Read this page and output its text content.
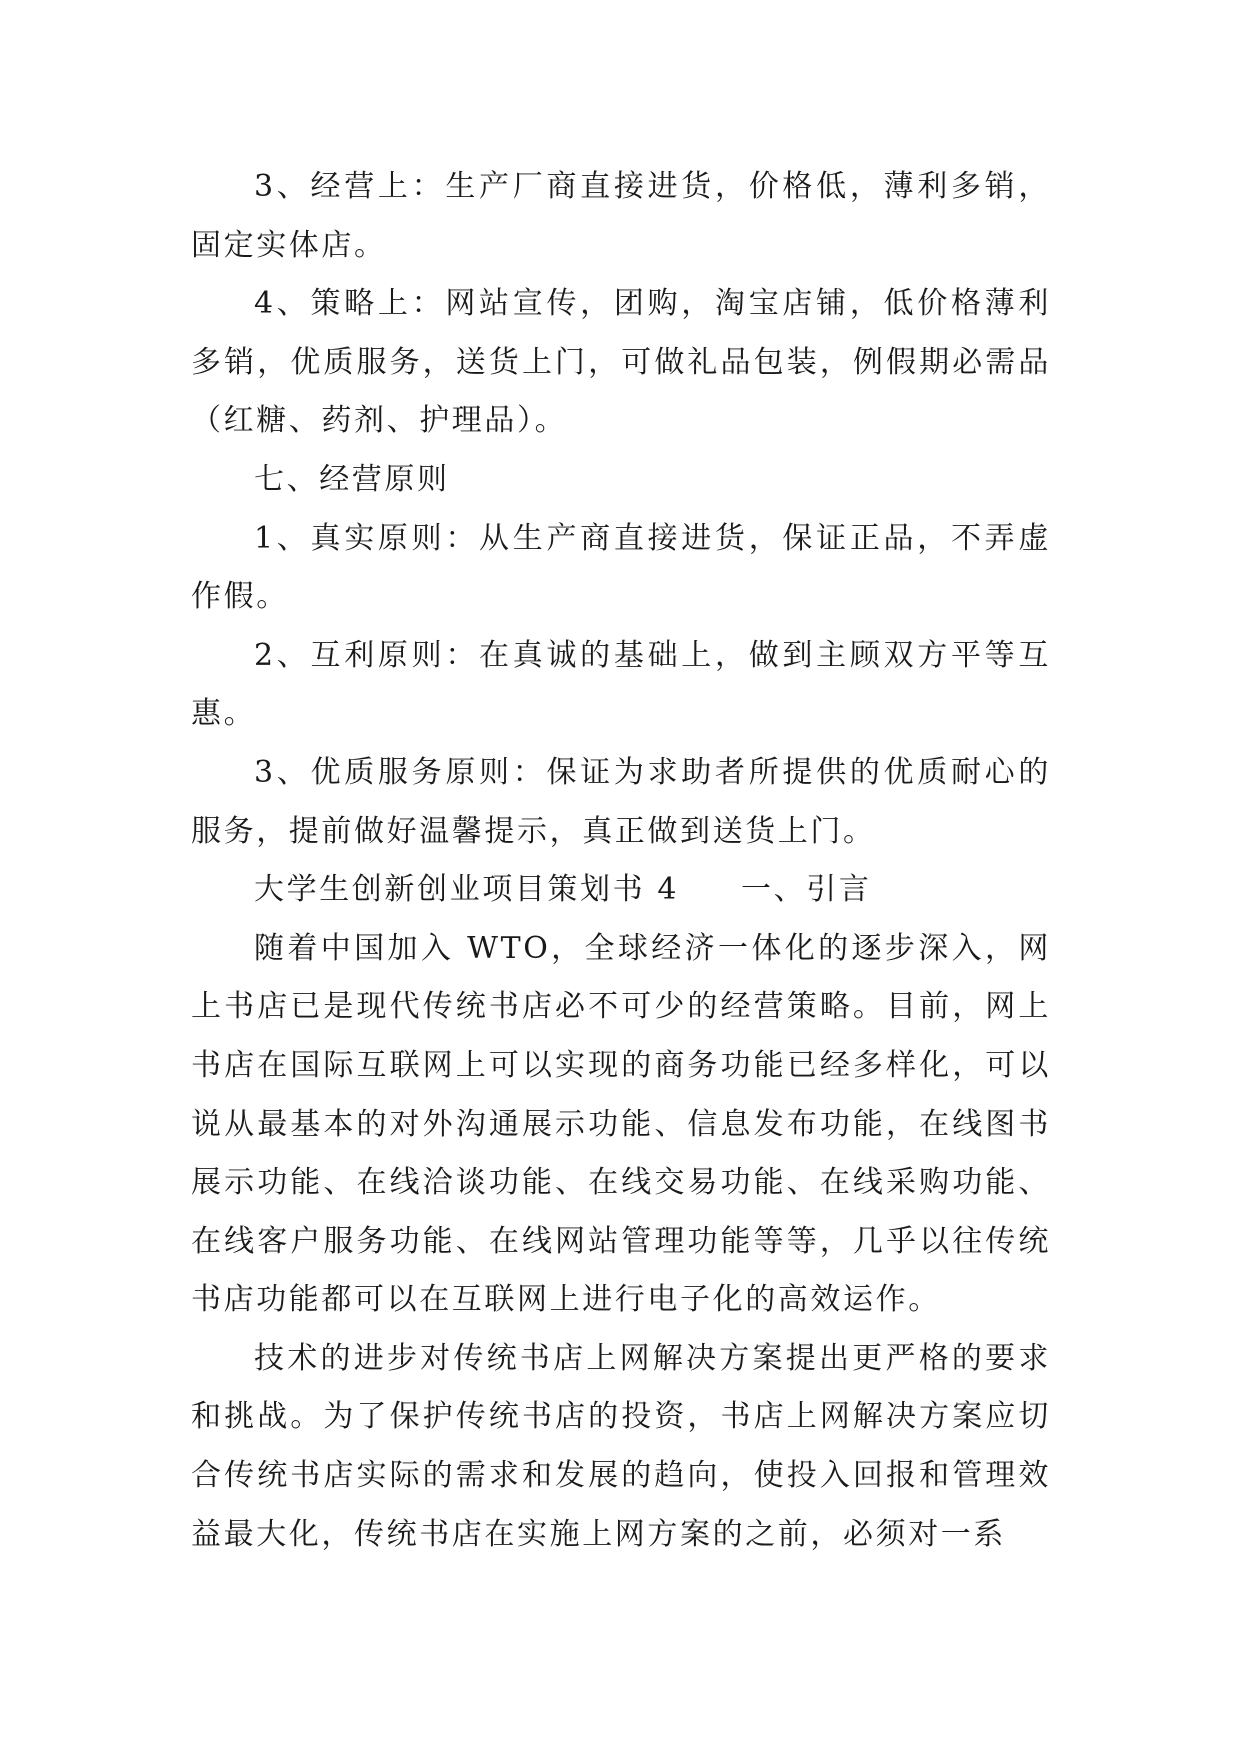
3、经营上：生产厂商直接进货，价格低，薄利多销，固定实体店。

4、策略上：网站宣传，团购，淘宝店铺，低价格薄利多销，优质服务，送货上门，可做礼品包装，例假期必需品（红糖、药剂、护理品）。

七、经营原则

1、真实原则：从生产商直接进货，保证正品，不弄虚作假。

2、互利原则：在真诚的基础上，做到主顾双方平等互惠。

3、优质服务原则：保证为求助者所提供的优质耐心的服务，提前做好温馨提示，真正做到送货上门。

大学生创新创业项目策划书 4 一、引言

随着中国加入 WTO，全球经济一体化的逐步深入，网上书店已是现代传统书店必不可少的经营策略。目前，网上书店在国际互联网上可以实现的商务功能已经多样化，可以说从最基本的对外沟通展示功能、信息发布功能，在线图书展示功能、在线洽谈功能、在线交易功能、在线采购功能、在线客户服务功能、在线网站管理功能等等，几乎以往传统书店功能都可以在互联网上进行电子化的高效运作。

技术的进步对传统书店上网解决方案提出更严格的要求和挑战。为了保护传统书店的投资，书店上网解决方案应切合传统书店实际的需求和发展的趋向，使投入回报和管理效益最大化，传统书店在实施上网方案的之前，必须对一系
